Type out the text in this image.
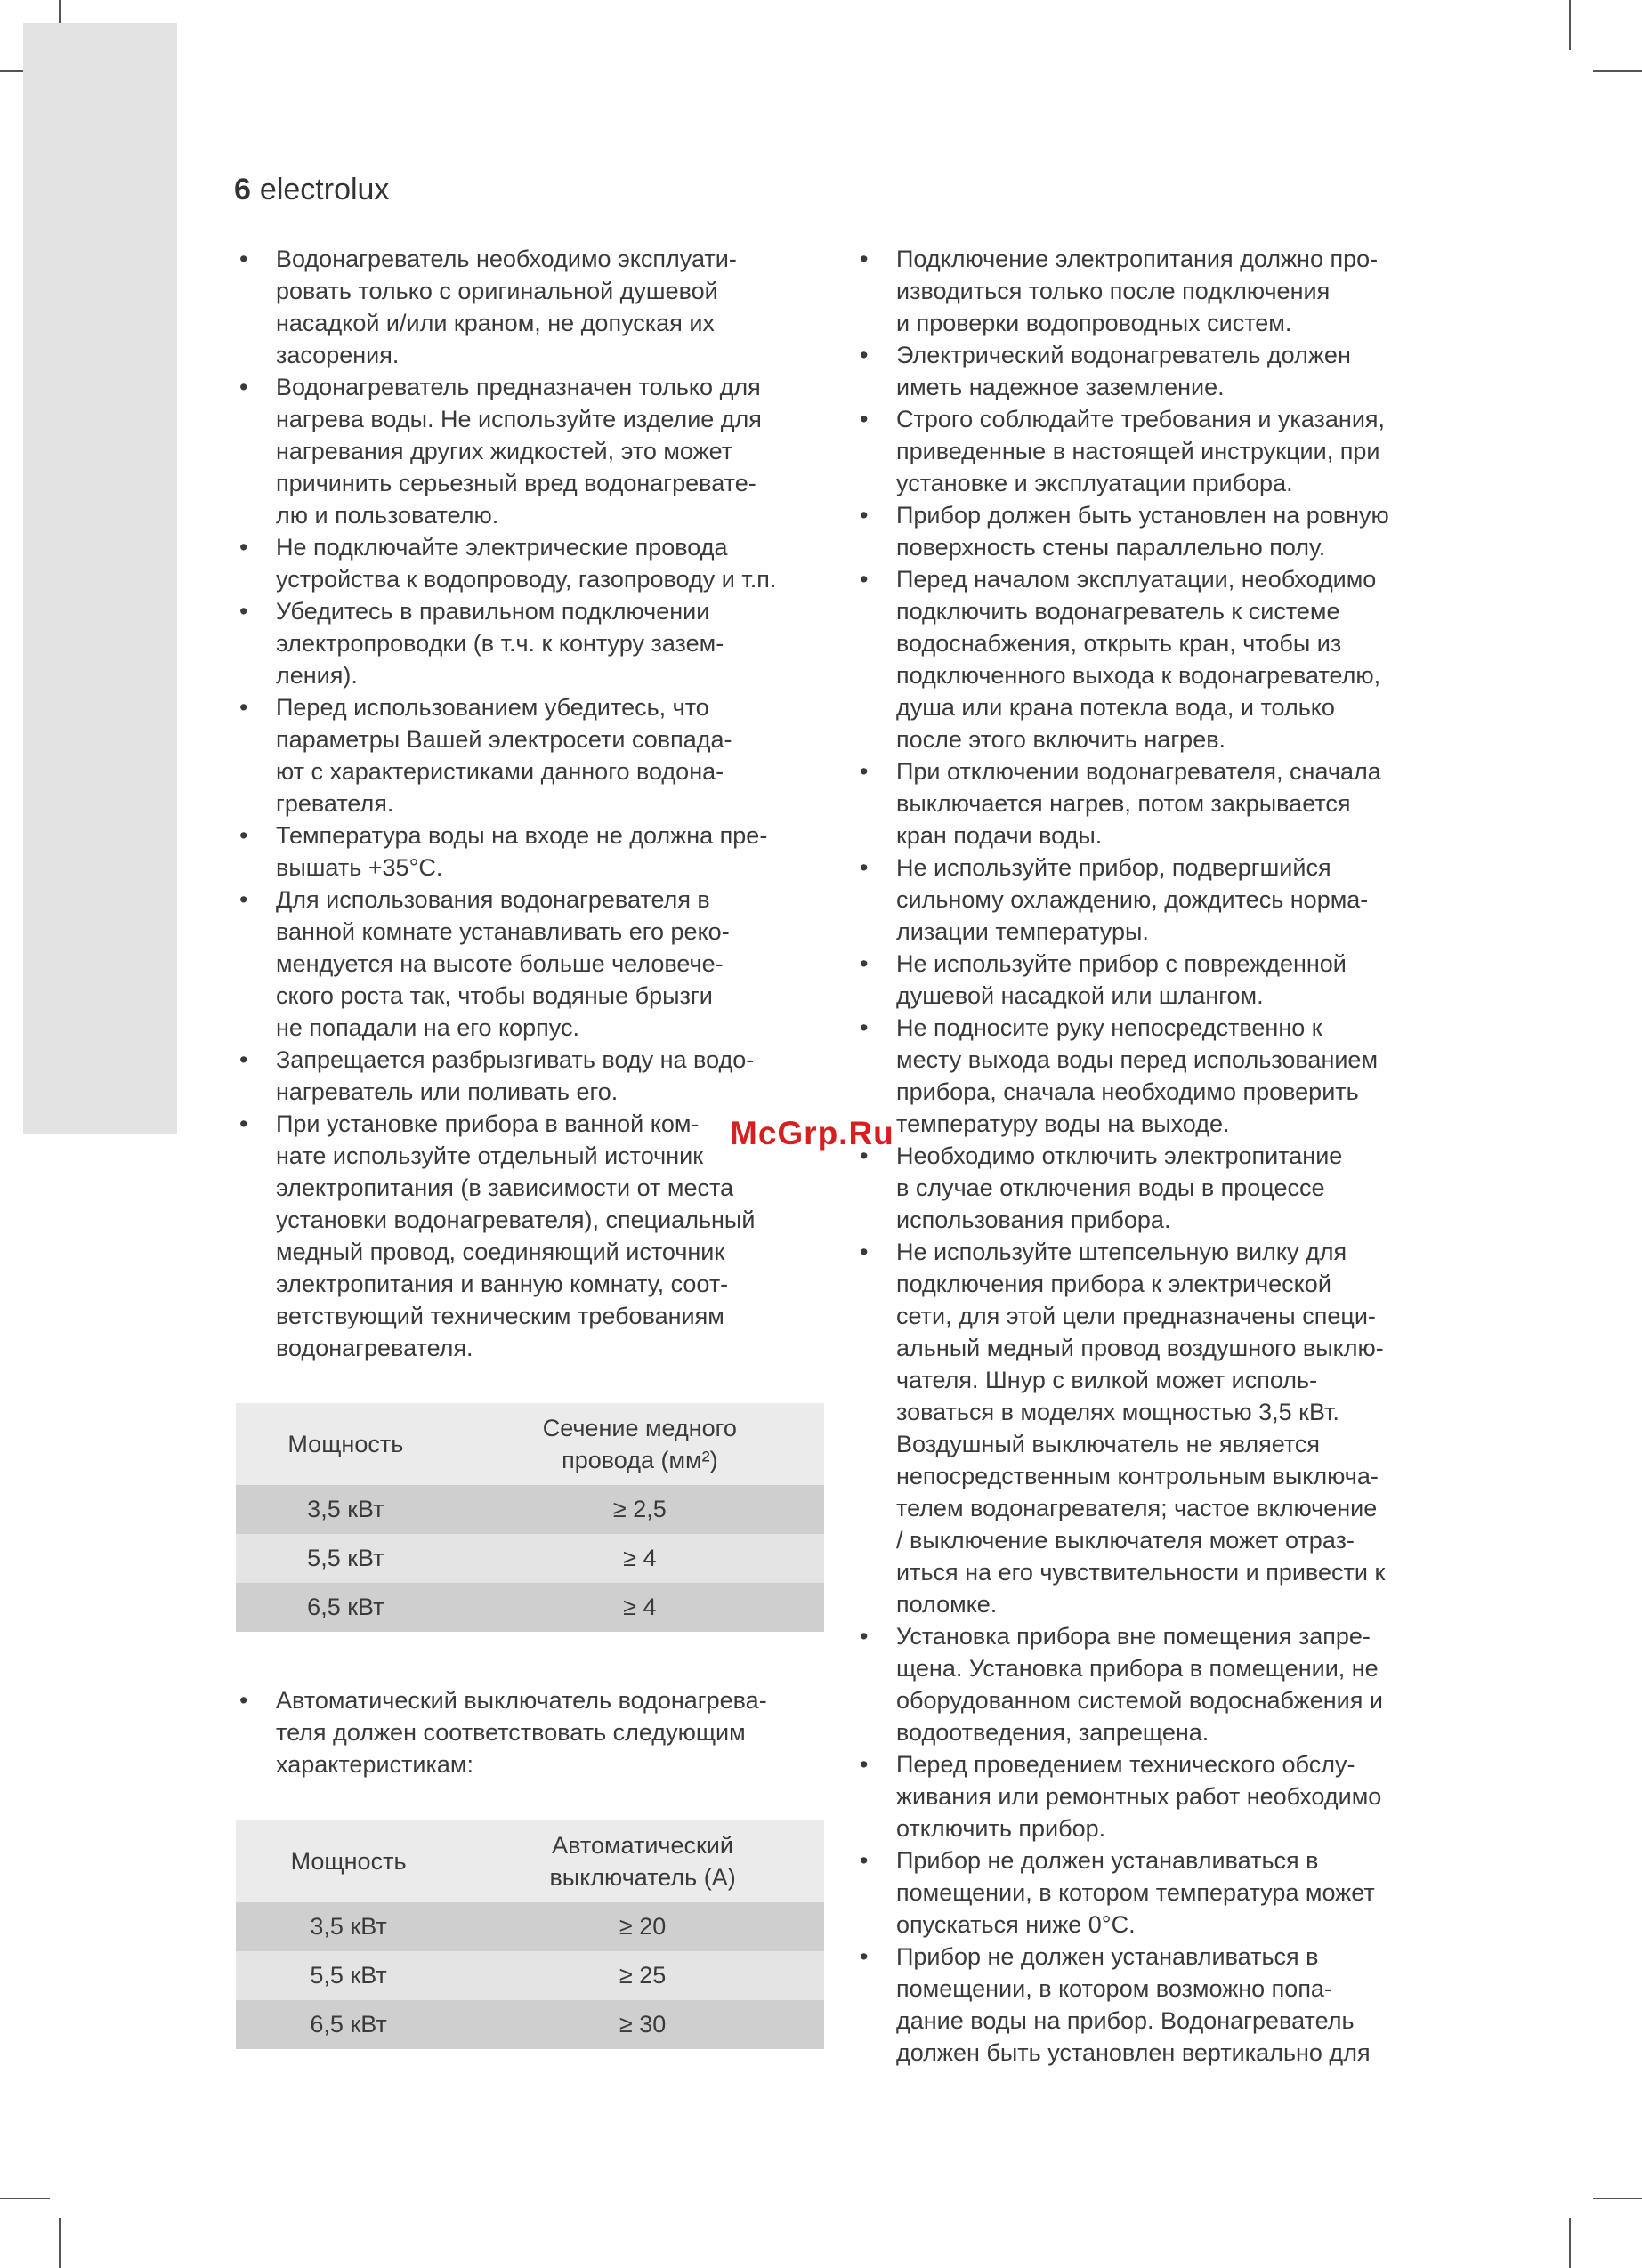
6 electrolux
• Водонагреватель необходимо эксплуати-
ровать только с оригинальной душевой
насадкой и/или краном, не допуская их
засорения.
• Водонагреватель предназначен только для
нагрева воды. Не используйте изделие для
нагревания других жидкостей, это может
причинить серьезный вред водонагревате-
лю и пользователю.
• Не подключайте электрические провода
устройства к водопроводу, газопроводу и т.п.
• Убедитесь в правильном подключении
электропроводки (в т.ч. к контуру зазем-
ления).
• Перед использованием убедитесь, что
параметры Вашей электросети совпада-
ют с характеристиками данного водона-
гревателя.
• Температура воды на входе не должна пре-
вышать +35°C.
• Для использования водонагревателя в
ванной комнате устанавливать его реко-
мендуется на высоте больше человече-
ского роста так, чтобы водяные брызги
не попадали на его корпус.
• Запрещается разбрызгивать воду на водо-
нагреватель или поливать его.
• При установке прибора в ванной ком-
нате используйте отдельный источник
электропитания (в зависимости от места
установки водонагревателя), специальный
медный провод, соединяющий источник
электропитания и ванную комнату, соот-
ветствующий техническим требованиям
водонагревателя.
Мощность	Сечение медного
провода (мм²)
3,5 кВт	≥ 2,5
5,5 кВт	≥ 4
6,5 кВт	≥ 4
• Автоматический выключатель водонагрева-
теля должен соответствовать следующим
характеристикам:
Мощность	Автоматический
выключатель (А)
3,5 кВт	≥ 20
5,5 кВт	≥ 25
6,5 кВт	≥ 30
• Подключение электропитания должно про-
изводиться только после подключения
и проверки водопроводных систем.
• Электрический водонагреватель должен
иметь надежное заземление.
• Строго соблюдайте требования и указания,
приведенные в настоящей инструкции, при
установке и эксплуатации прибора.
• Прибор должен быть установлен на ровную
поверхность стены параллельно полу.
• Перед началом эксплуатации, необходимо
подключить водонагреватель к системе
водоснабжения, открыть кран, чтобы из
подключенного выхода к водонагревателю,
душа или крана потекла вода, и только
после этого включить нагрев.
• При отключении водонагревателя, сначала
выключается нагрев, потом закрывается
кран подачи воды.
• Не используйте прибор, подвергшийся
сильному охлаждению, дождитесь норма-
лизации температуры.
• Не используйте прибор с поврежденной
душевой насадкой или шлангом.
• Не подносите руку непосредственно к
месту выхода воды перед использованием
прибора, сначала необходимо проверить
температуру воды на выходе.
• Необходимо отключить электропитание
в случае отключения воды в процессе
использования прибора.
• Не используйте штепсельную вилку для
подключения прибора к электрической
сети, для этой цели предназначены специ-
альный медный провод воздушного выклю-
чателя. Шнур с вилкой может исполь-
зоваться в моделях мощностью 3,5 кВт.
Воздушный выключатель не является
непосредственным контрольным выключа-
телем водонагревателя; частое включение
/ выключение выключателя может отраз-
иться на его чувствительности и привести к
поломке.
• Установка прибора вне помещения запре-
щена. Установка прибора в помещении, не
оборудованном системой водоснабжения и
водоотведения, запрещена.
• Перед проведением технического обслу-
живания или ремонтных работ необходимо
отключить прибор.
• Прибор не должен устанавливаться в
помещении, в котором температура может
опускаться ниже 0°C.
• Прибор не должен устанавливаться в
помещении, в котором возможно попа-
дание воды на прибор. Водонагреватель
должен быть установлен вертикально для
McGrp.Ru
